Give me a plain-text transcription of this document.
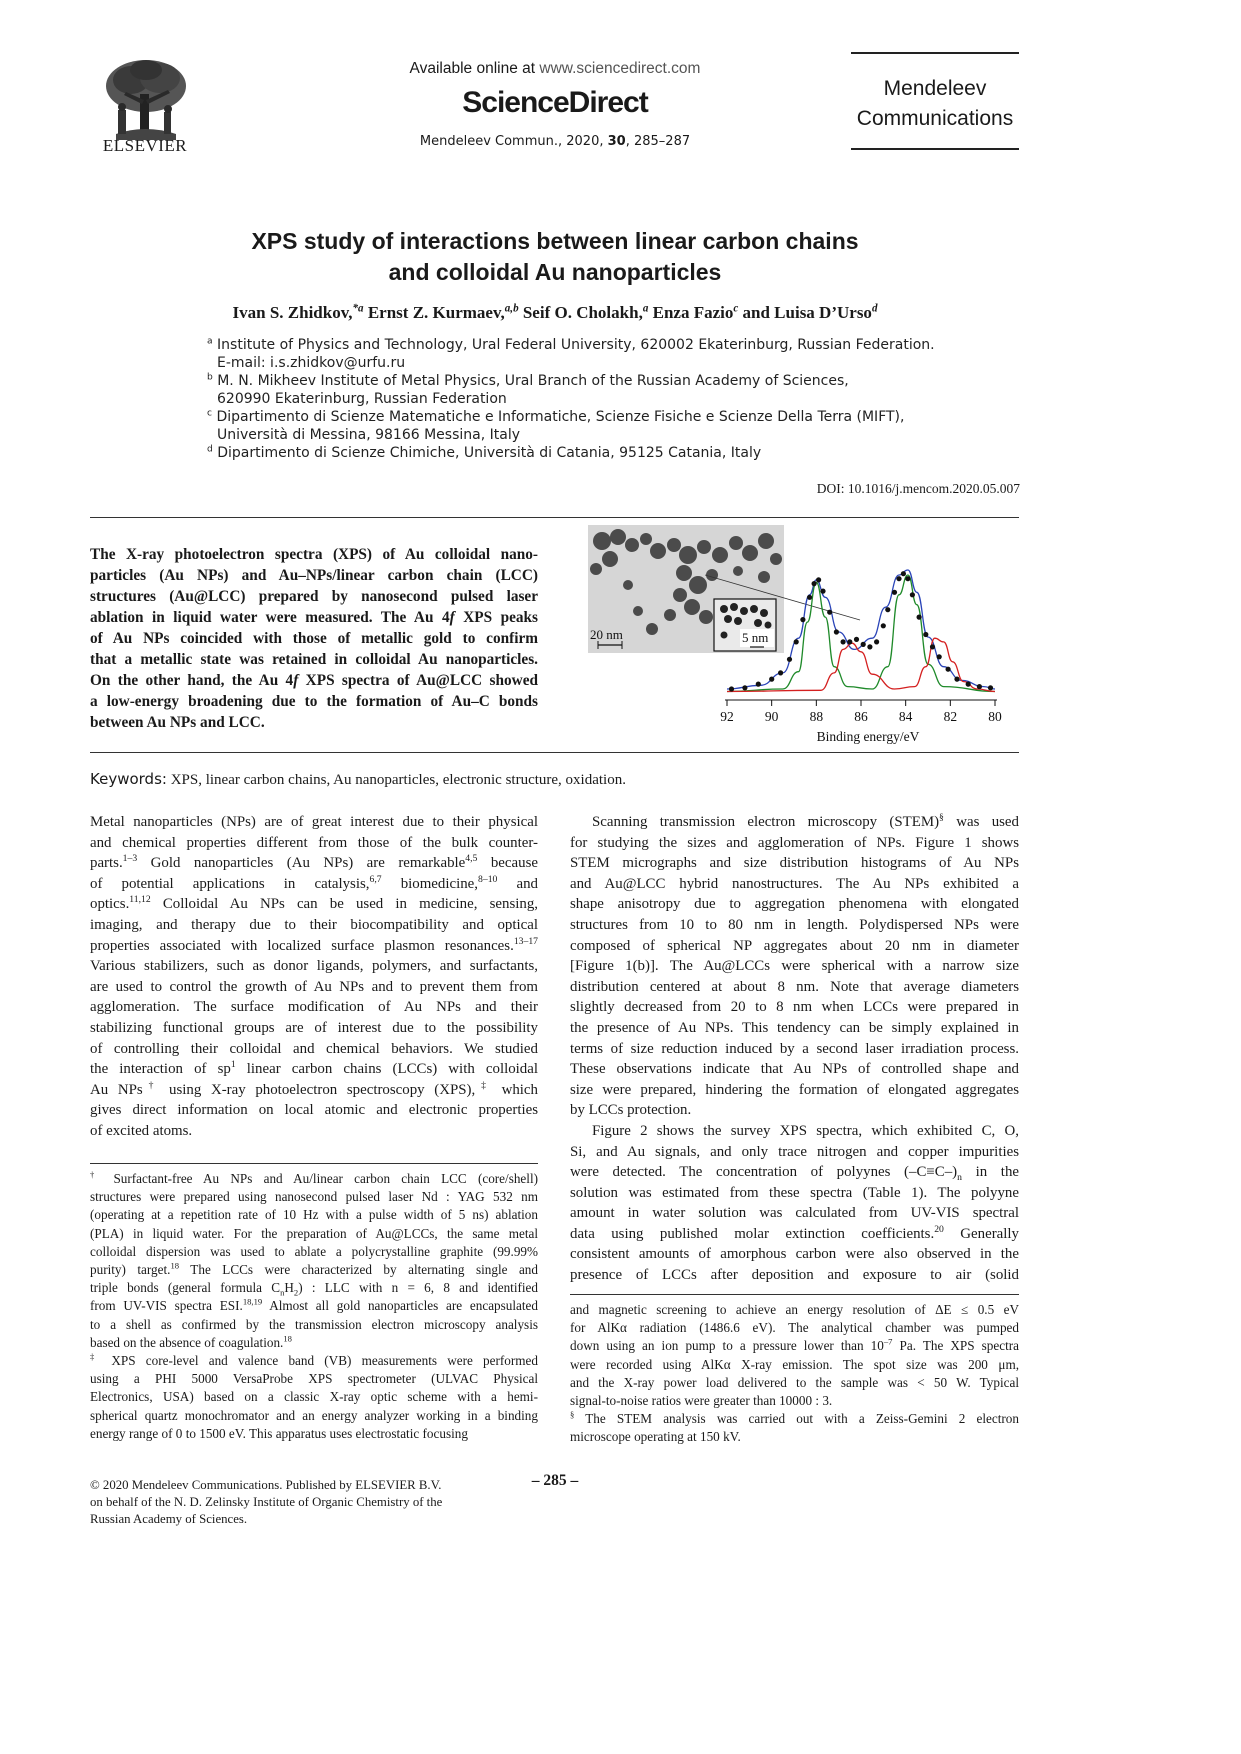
ELSEVIER
Available online at www.sciencedirect.com
ScienceDirect
Mendeleev Commun., 2020, 30, 285–287
Mendeleev
Communications
XPS study of interactions between linear carbon chains
and colloidal Au nanoparticles
Ivan S. Zhidkov,$^{*a}$ Ernst Z. Kurmaev,$^{a,b}$ Seif O. Cholakh,$^a$ Enza Fazio$^c$ and Luisa D’Urso$^d$
$^a$ Institute of Physics and Technology, Ural Federal University, 620002 Ekaterinburg, Russian Federation.
E-mail: i.s.zhidkov@urfu.ru
$^b$ M. N. Mikheev Institute of Metal Physics, Ural Branch of the Russian Academy of Sciences,
620990 Ekaterinburg, Russian Federation
$^c$ Dipartimento di Scienze Matematiche e Informatiche, Scienze Fisiche e Scienze Della Terra (MIFT),
Università di Messina, 98166 Messina, Italy
$^d$ Dipartimento di Scienze Chimiche, Università di Catania, 95125 Catania, Italy
DOI: 10.1016/j.mencom.2020.05.007
The X-ray photoelectron spectra (XPS) of Au colloidal nano-
particles (Au NPs) and Au–NPs/linear carbon chain (LCC)
structures (Au@LCC) prepared by nanosecond pulsed laser
ablation in liquid water were measured. The Au 4f XPS peaks
of Au NPs coincided with those of metallic gold to confirm
that a metallic state was retained in colloidal Au nanoparticles.
On the other hand, the Au 4f XPS spectra of Au@LCC showed
a low-energy broadening due to the formation of Au–C bonds
between Au NPs and LCC.
20 nm	5 nm
92 90 88 86 84 82 80
Binding energy/eV
Keywords: XPS, linear carbon chains, Au nanoparticles, electronic structure, oxidation.
Metal nanoparticles (NPs) are of great interest due to their physical
and chemical properties different from those of the bulk counter-
parts.$^{1-3}$ Gold nanoparticles (Au NPs) are remarkable$^{4,5}$ because
of potential applications in catalysis,$^{6,7}$ biomedicine,$^{8-10}$ and
optics.$^{11,12}$ Colloidal Au NPs can be used in medicine, sensing,
imaging, and therapy due to their biocompatibility and optical
properties associated with localized surface plasmon resonances.$^{13-17}$
Various stabilizers, such as donor ligands, polymers, and surfactants,
are used to control the growth of Au NPs and to prevent them from
agglomeration. The surface modification of Au NPs and their
stabilizing functional groups are of interest due to the possibility
of controlling their colloidal and chemical behaviors. We studied
the interaction of $sp^1$ linear carbon chains (LCCs) with colloidal
Au NPs† using X-ray photoelectron spectroscopy (XPS),‡ which
gives direct information on local atomic and electronic properties
of excited atoms.
Scanning transmission electron microscopy (STEM)§ was used
for studying the sizes and agglomeration of NPs. Figure 1 shows
STEM micrographs and size distribution histograms of Au NPs
and Au@LCC hybrid nanostructures. The Au NPs exhibited a
shape anisotropy due to aggregation phenomena with elongated
structures from 10 to 80 nm in length. Polydispersed NPs were
composed of spherical NP aggregates about 20 nm in diameter
[Figure 1(b)]. The Au@LCCs were spherical with a narrow size
distribution centered at about 8 nm. Note that average diameters
slightly decreased from 20 to 8 nm when LCCs were prepared in
the presence of Au NPs. This tendency can be simply explained in
terms of size reduction induced by a second laser irradiation process.
These observations indicate that Au NPs of controlled shape and
size were prepared, hindering the formation of elongated aggregates
by LCCs protection.
Figure 2 shows the survey XPS spectra, which exhibited C, O,
Si, and Au signals, and only trace nitrogen and copper impurities
were detected. The concentration of polyynes $(-C\equiv C-)_n$ in the
solution was estimated from these spectra (Table 1). The polyyne
amount in water solution was calculated from UV-VIS spectral
data using published molar extinction coefficients.$^{20}$ Generally
consistent amounts of amorphous carbon were also observed in the
presence of LCCs after deposition and exposure to air (solid
† Surfactant-free Au NPs and Au/linear carbon chain LCC (core/shell)
structures were prepared using nanosecond pulsed laser Nd : YAG 532 nm
(operating at a repetition rate of 10 Hz with a pulse width of 5 ns) ablation
(PLA) in liquid water. For the preparation of Au@LCCs, the same metal
colloidal dispersion was used to ablate a polycrystalline graphite (99.99%
purity) target.$^{18}$ The LCCs were characterized by alternating single and
triple bonds (general formula $C_nH_2$) : LLC with n = 6, 8 and identified
from UV-VIS spectra ESI.$^{18,19}$ Almost all gold nanoparticles are encapsulated
to a shell as confirmed by the transmission electron microscopy analysis
based on the absence of coagulation.$^{18}$
‡ XPS core-level and valence band (VB) measurements were performed
using a PHI 5000 VersaProbe XPS spectrometer (ULVAC Physical
Electronics, USA) based on a classic X-ray optic scheme with a hemi-
spherical quartz monochromator and an energy analyzer working in a binding
energy range of 0 to 1500 eV. This apparatus uses electrostatic focusing
and magnetic screening to achieve an energy resolution of ΔE ≤ 0.5 eV
for AlKα radiation (1486.6 eV). The analytical chamber was pumped
down using an ion pump to a pressure lower than $10^{-7}$ Pa. The XPS spectra
were recorded using AlKα X-ray emission. The spot size was 200 μm,
and the X-ray power load delivered to the sample was < 50 W. Typical
signal-to-noise ratios were greater than 10000 : 3.
§ The STEM analysis was carried out with a Zeiss-Gemini 2 electron
microscope operating at 150 kV.
© 2020 Mendeleev Communications. Published by ELSEVIER B.V.
on behalf of the N. D. Zelinsky Institute of Organic Chemistry of the
Russian Academy of Sciences.
– 285 –
